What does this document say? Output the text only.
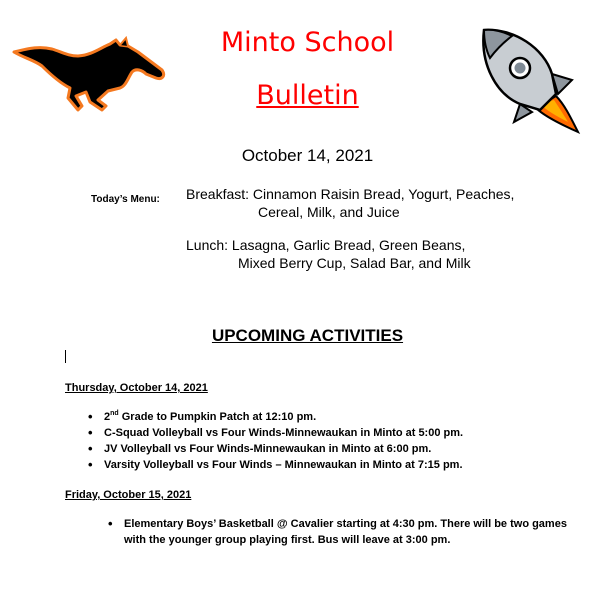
Minto School
Bulletin
October 14, 2021
Today’s Menu: Breakfast: Cinnamon Raisin Bread, Yogurt, Peaches,
Cereal, Milk, and Juice
Lunch: Lasagna, Garlic Bread, Green Beans,
Mixed Berry Cup, Salad Bar, and Milk
UPCOMING ACTIVITIES
Thursday, October 14, 2021
• 2nd Grade to Pumpkin Patch at 12:10 pm.
• C-Squad Volleyball vs Four Winds-Minnewaukan in Minto at 5:00 pm.
• JV Volleyball vs Four Winds-Minnewaukan in Minto at 6:00 pm.
• Varsity Volleyball vs Four Winds – Minnewaukan in Minto at 7:15 pm.
Friday, October 15, 2021
• Elementary Boys’ Basketball @ Cavalier starting at 4:30 pm. There will be two games with the younger group playing first. Bus will leave at 3:00 pm.
